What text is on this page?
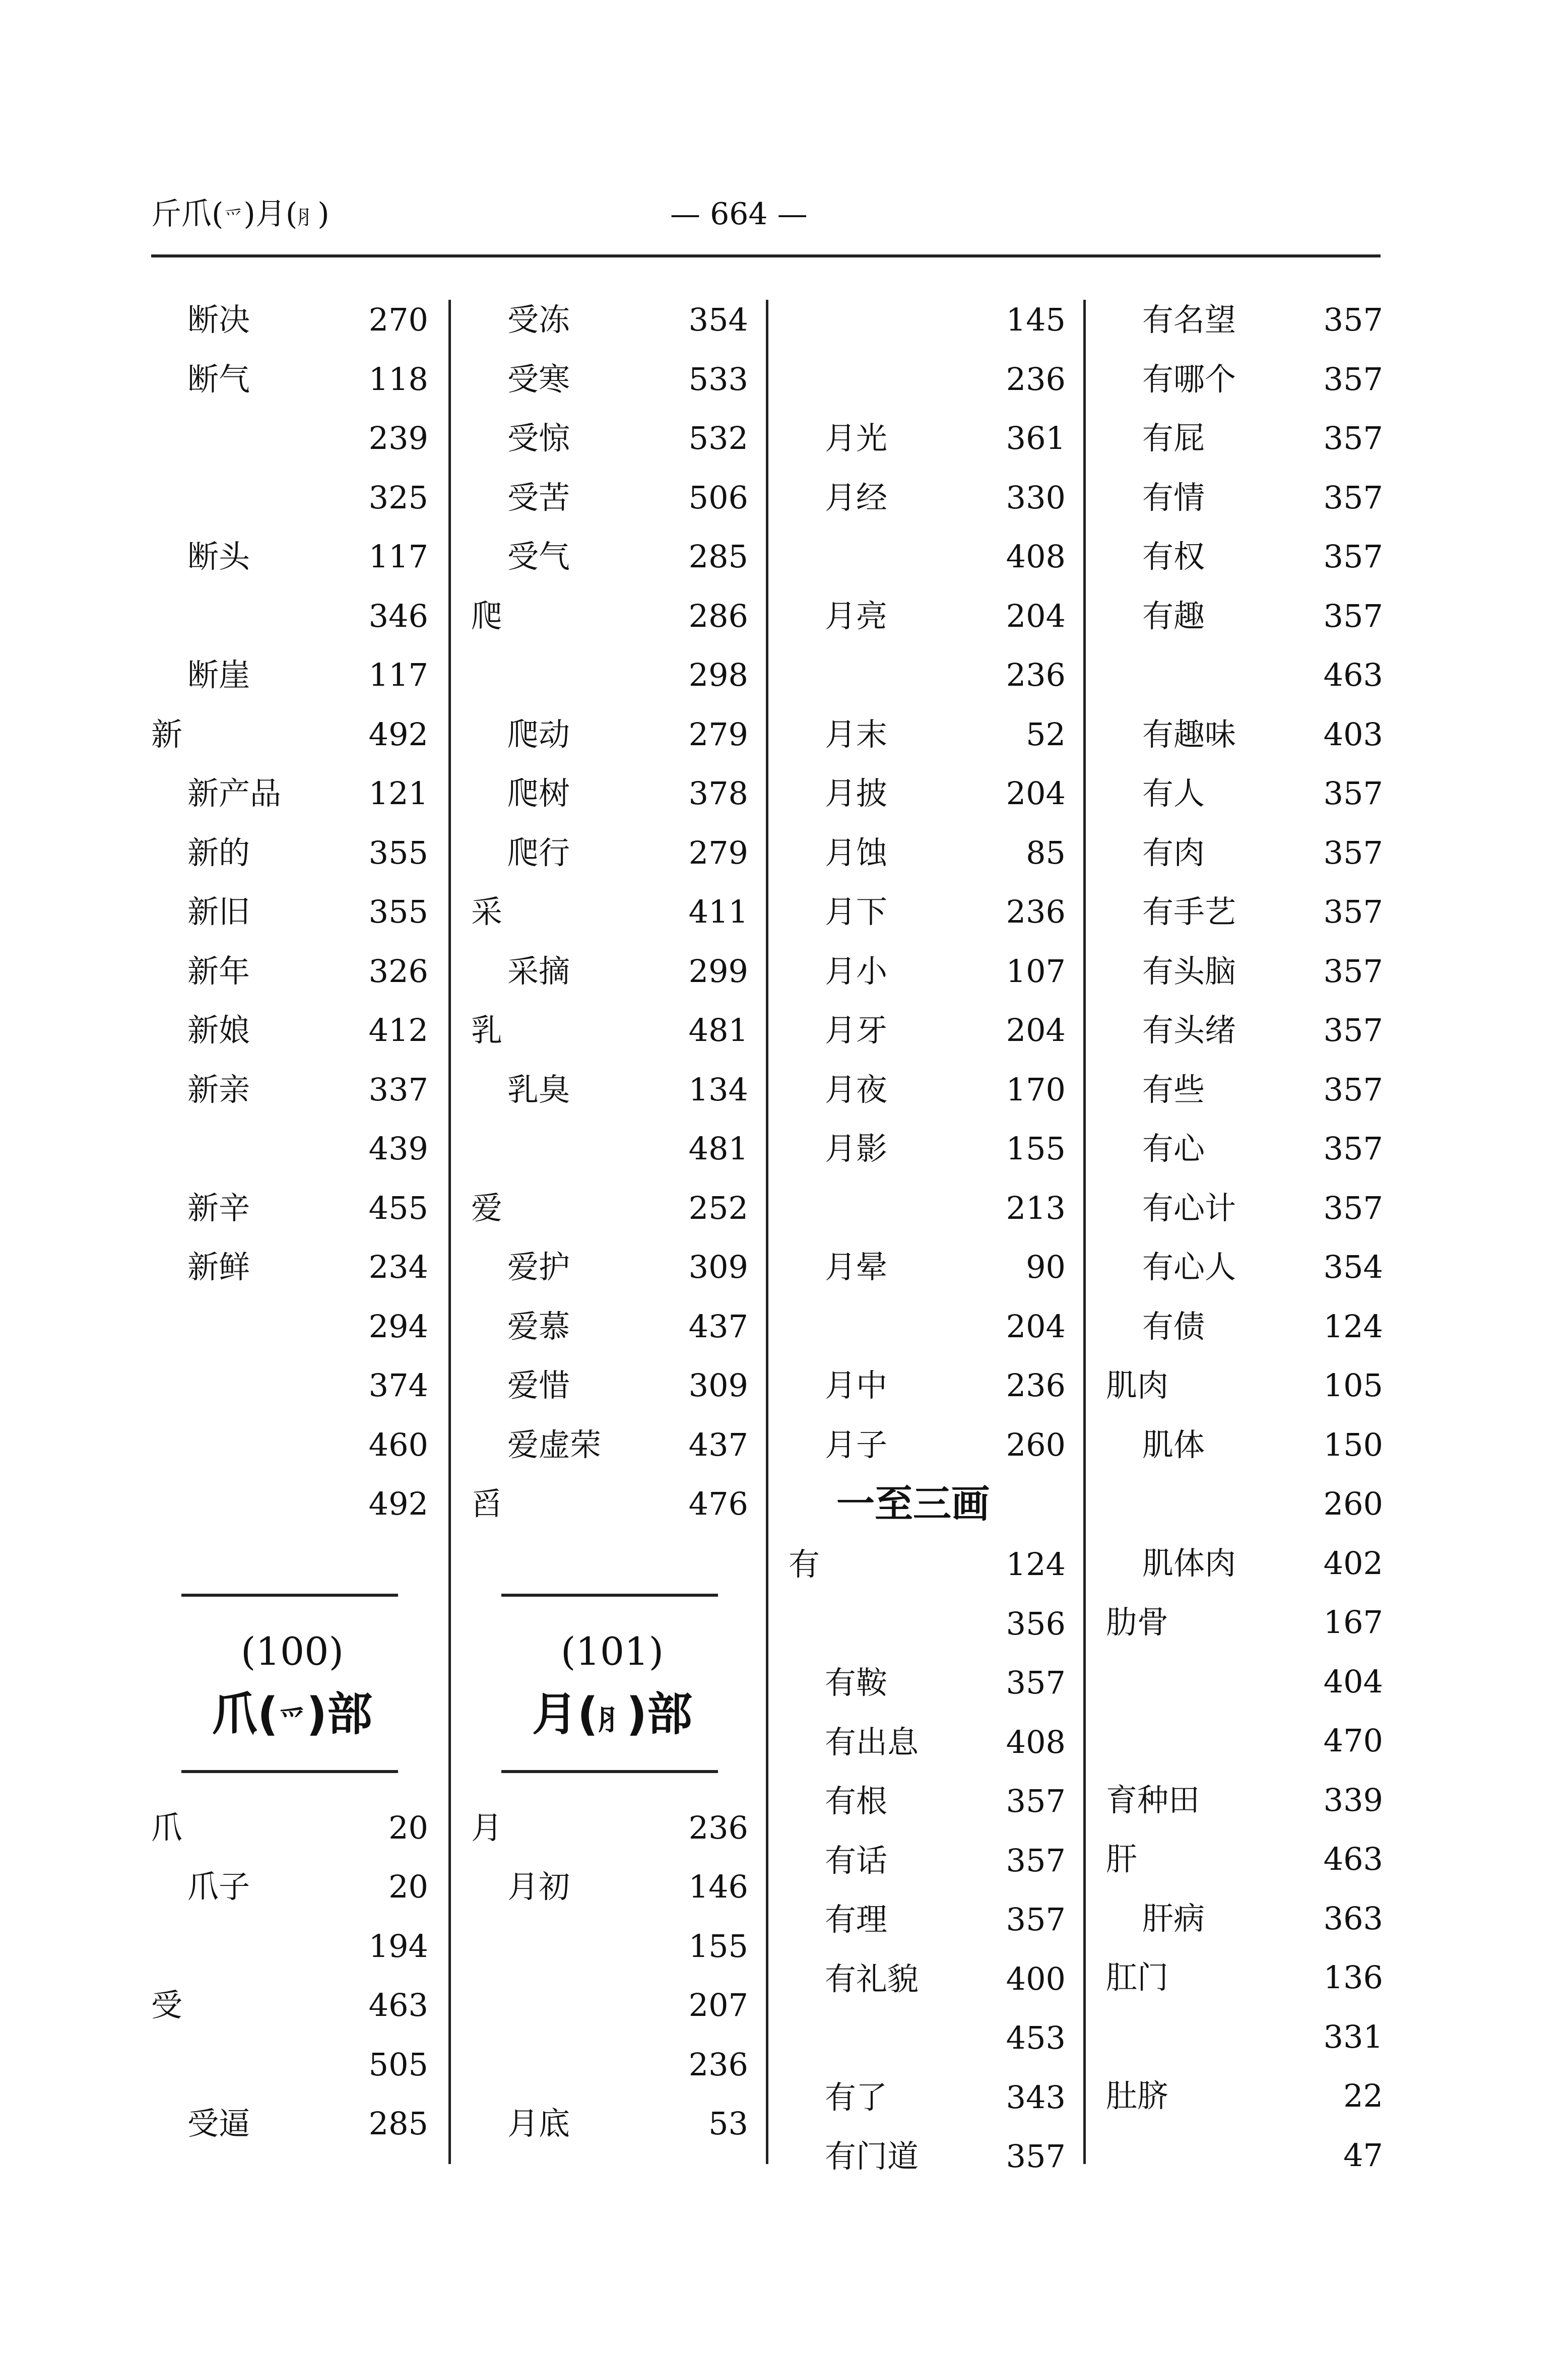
斤爪(爫)月(⺼)	— 664 —
断决	270
断气	118
239
325
断头	117
346
断崖	117
新	492
新产品	121
新的	355
新旧	355
新年	326
新娘	412
新亲	337
439
新辛	455
新鲜	234
294
374
460
492
(100)
爪(爫)部
爪	20
爪子	20
194
受	463
505
受逼	285
受冻	354
受寒	533
受惊	532
受苦	506
受气	285
爬	286
298
爬动	279
爬树	378
爬行	279
采	411
采摘	299
乳	481
乳臭	134
481
爱	252
爱护	309
爱慕	437
爱惜	309
爱虚荣	437
舀	476
(101)
月(⺼)部
月	236
月初	146
155
207
236
月底	53
145
236
月光	361
月经	330
408
月亮	204
236
月末	52
月披	204
月蚀	85
月下	236
月小	107
月牙	204
月夜	170
月影	155
213
月晕	90
204
月中	236
月子	260
一至三画
有	124
356
有鞍	357
有出息	408
有根	357
有话	357
有理	357
有礼貌	400
453
有了	343
有门道	357
有名望	357
有哪个	357
有屁	357
有情	357
有权	357
有趣	357
463
有趣味	403
有人	357
有肉	357
有手艺	357
有头脑	357
有头绪	357
有些	357
有心	357
有心计	357
有心人	354
有债	124
肌肉	105
肌体	150
260
肌体肉	402
肋骨	167
404
470
育种田	339
肝	463
肝病	363
肛门	136
331
肚脐	22
47
